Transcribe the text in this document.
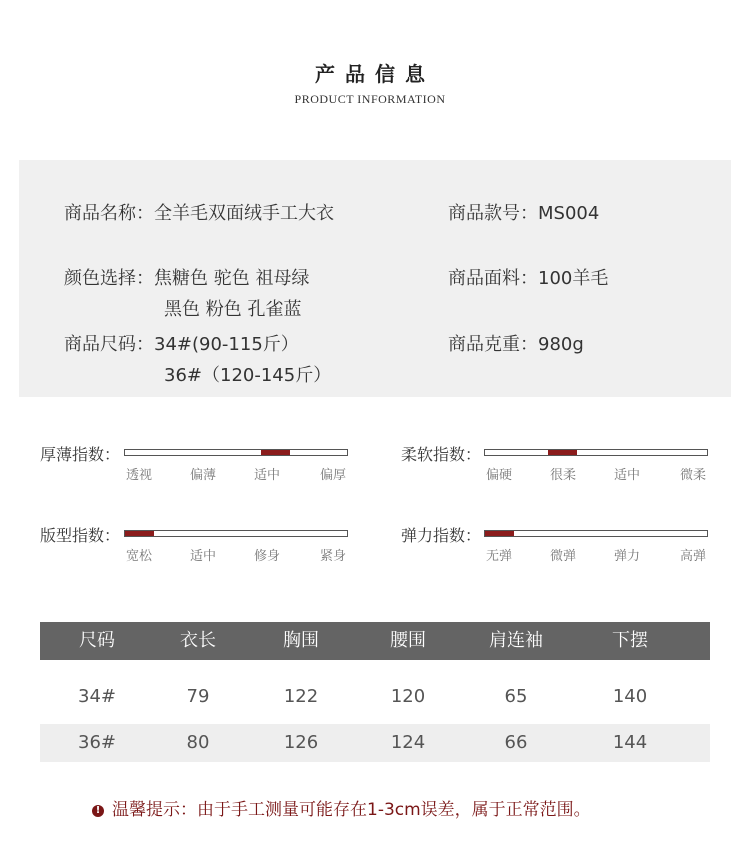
产品信息
PRODUCT INFORMATION
商品名称：全羊毛双面绒手工大衣	商品款号：MS004
颜色选择：焦糖色 驼色 祖母绿
黑色 粉色 孔雀蓝
商品面料：100羊毛
商品尺码：34#(90-115斤）
36#（120-145斤）
商品克重：980g
厚薄指数：
透视	偏薄	适中	偏厚
柔软指数：
偏硬	很柔	适中	微柔
版型指数：
宽松	适中	修身	紧身
弹力指数：
无弹	微弹	弹力	高弹
尺码	衣长	胸围	腰围	肩连袖	下摆
34#	79	122	120	65	140
36#	80	126	124	66	144
! 温馨提示：由于手工测量可能存在1-3cm误差，属于正常范围。
